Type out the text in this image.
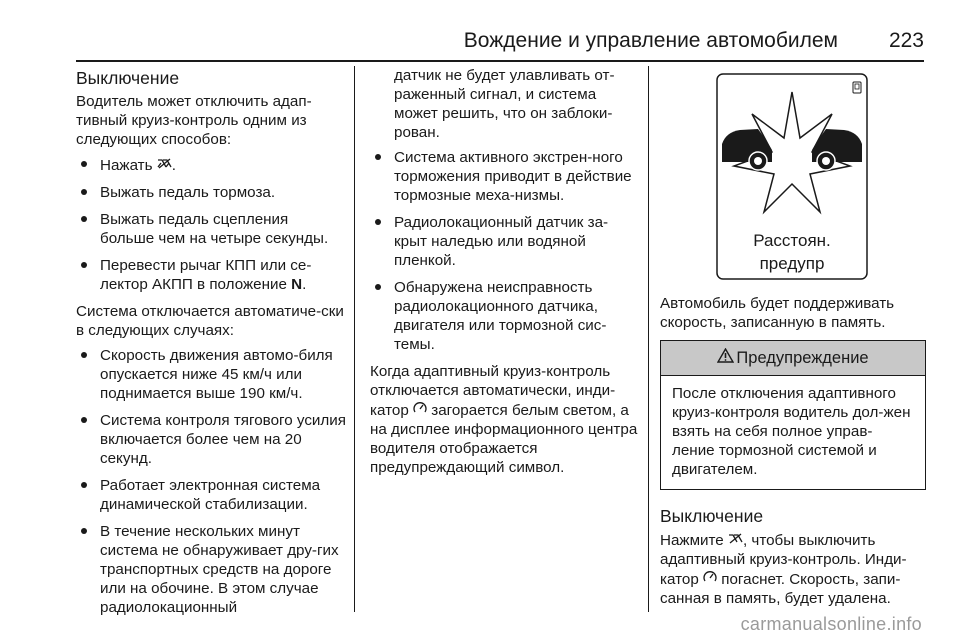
Вождение и управление автомобилем 223
Выключение

Водитель может отключить адап-тивный круиз-контроль одним из следующих способов:

Нажать .
Выжать педаль тормоза.
Выжать педаль сцепления больше чем на четыре секунды.
Перевести рычаг КПП или се-лектор АКПП в положение N.

Система отключается автоматиче-ски в следующих случаях:

Скорость движения автомо-биля опускается ниже 45 км/ч или поднимается выше 190 км/ч.
Система контроля тягового усилия включается более чем на 20 секунд.
Работает электронная система динамической стабилизации.
В течение нескольких минут система не обнаруживает дру-гих транспортных средств на дороге или на обочине. В этом случае радиолокационный

датчик не будет улавливать от-раженный сигнал, и система может решить, что он заблоки-рован.

Система активного экстрен-ного торможения приводит в действие тормозные меха-низмы.
Радиолокационный датчик за-крыт наледью или водяной пленкой.
Обнаружена неисправность радиолокационного датчика, двигателя или тормозной сис-темы.

Когда адаптивный круиз-контроль отключается автоматически, инди-катор загорается белым светом, а на дисплее информационного центра водителя отображается предупреждающий символ.

Расстоян.
предупр

Автомобиль будет поддерживать скорость, записанную в память.

Предупреждение
После отключения адаптивного круиз-контроля водитель дол-жен взять на себя полное управ-ление тормозной системой и двигателем.
Выключение

Нажмите , чтобы выключить адаптивный круиз-контроль. Инди-катор погаснет. Скорость, запи-санная в память, будет удалена.

carmanualsonline.info
